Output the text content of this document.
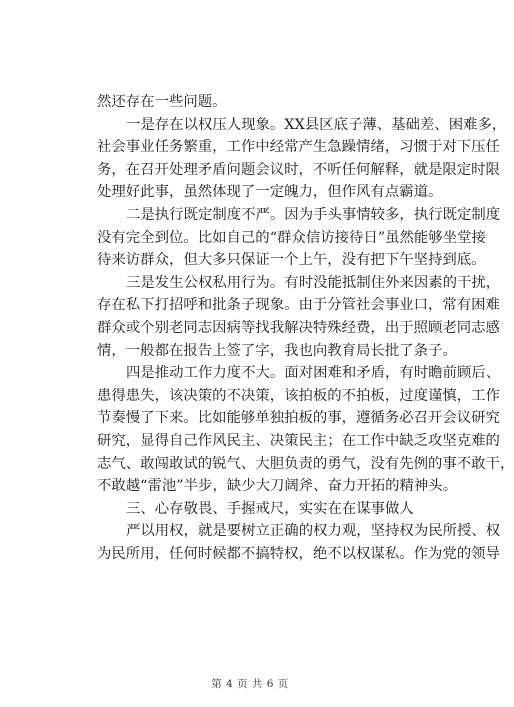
然还存在一些问题。
一是存在以权压人现象。XX县区底子薄、基础差、困难多，
社会事业任务繁重，工作中经常产生急躁情绪，习惯于对下压任
务，在召开处理矛盾问题会议时，不听任何解释，就是限定时限
处理好此事，虽然体现了一定魄力，但作风有点霸道。
二是执行既定制度不严。因为手头事情较多，执行既定制度
没有完全到位。比如自己的“群众信访接待日”虽然能够坐堂接
待来访群众，但大多只保证一个上午，没有把下午坚持到底。
三是发生公权私用行为。有时没能抵制住外来因素的干扰，
存在私下打招呼和批条子现象。由于分管社会事业口，常有困难
群众或个别老同志因病等找我解决特殊经费，出于照顾老同志感
情，一般都在报告上签了字，我也向教育局长批了条子。
四是推动工作力度不大。面对困难和矛盾，有时瞻前顾后、
患得患失，该决策的不决策，该拍板的不拍板，过度谨慎，工作
节奏慢了下来。比如能够单独拍板的事，遵循务必召开会议研究
研究，显得自己作风民主、决策民主；在工作中缺乏攻坚克难的
志气、敢闯敢试的锐气、大胆负责的勇气，没有先例的事不敢干，
不敢越“雷池”半步，缺少大刀阔斧、奋力开拓的精神头。
三、心存敬畏、手握戒尺，实实在在谋事做人
严以用权，就是要树立正确的权力观，坚持权为民所授、权
为民所用，任何时候都不搞特权，绝不以权谋私。作为党的领导
第 4 页 共 6 页
